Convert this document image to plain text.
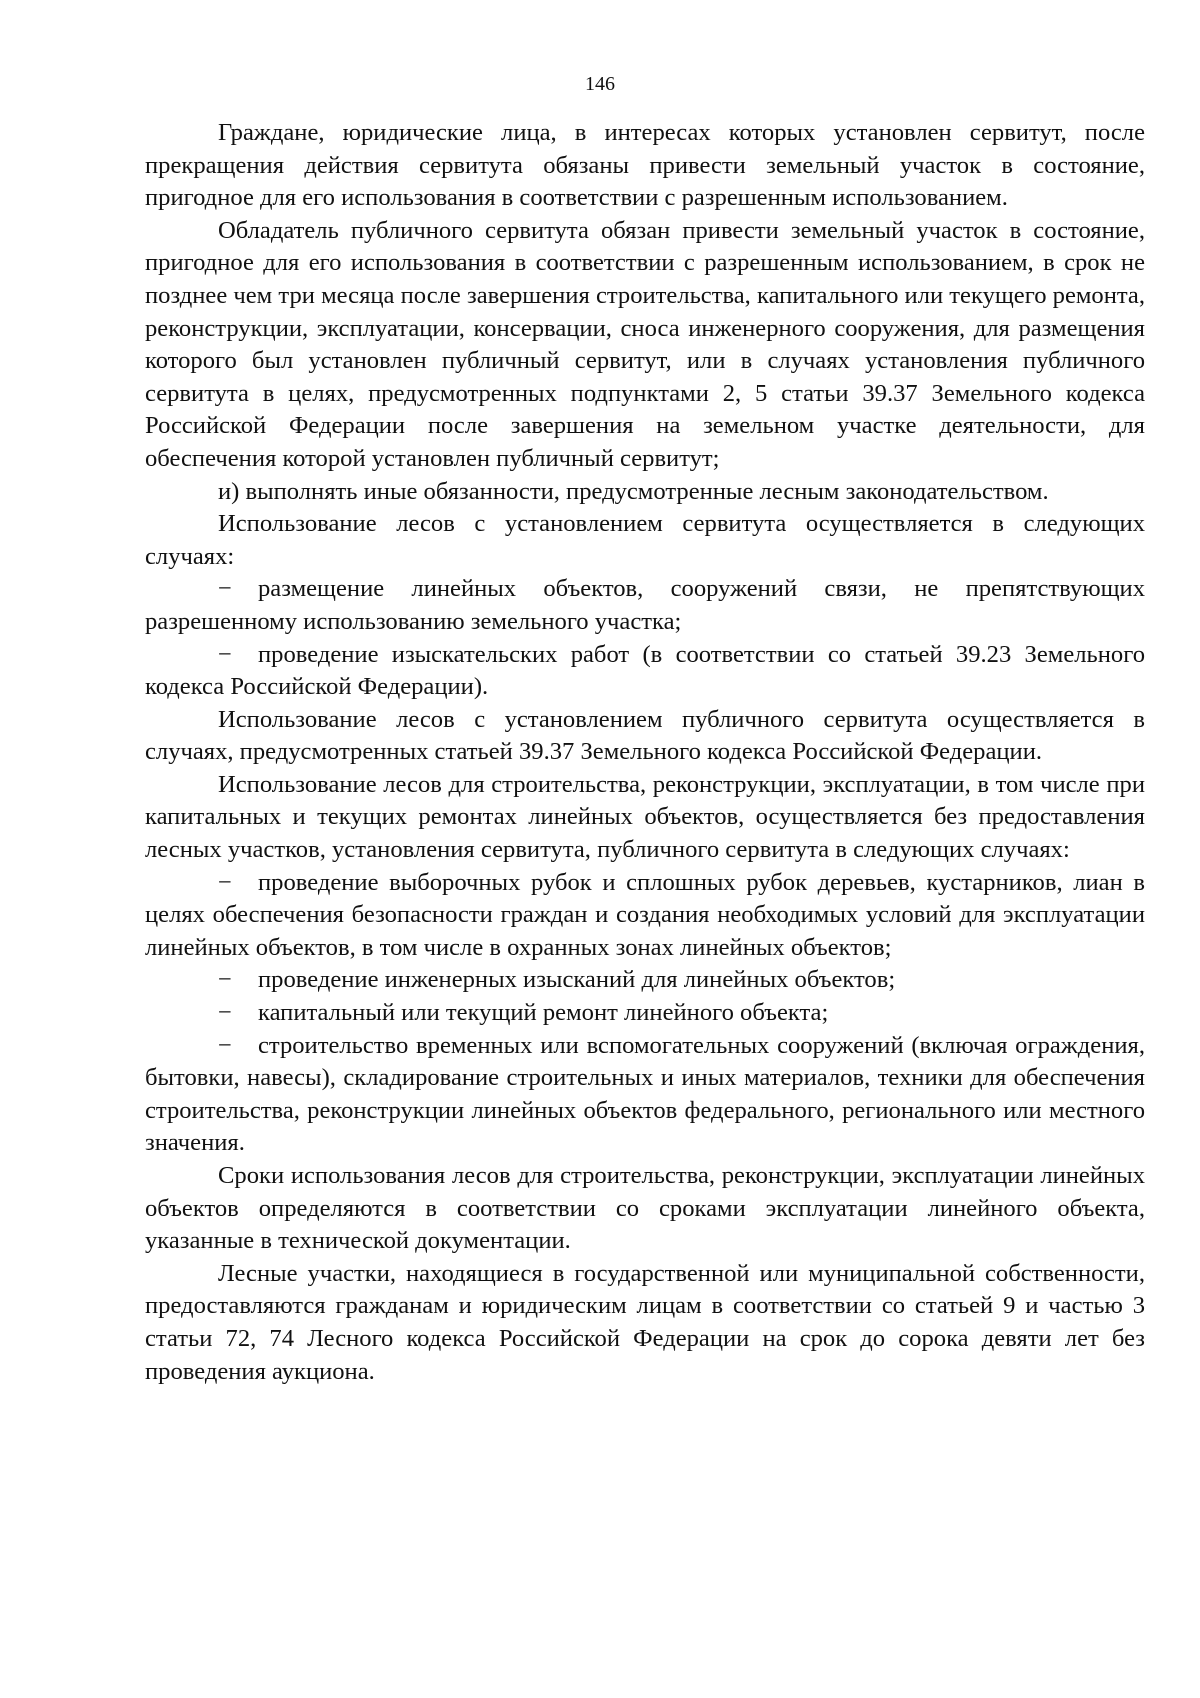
146

Граждане, юридические лица, в интересах которых установлен сервитут, после прекращения действия сервитута обязаны привести земельный участок в состояние, пригодное для его использования в соответствии с разрешенным использованием.

Обладатель публичного сервитута обязан привести земельный участок в состояние, пригодное для его использования в соответствии с разрешенным использованием, в срок не позднее чем три месяца после завершения строительства, капитального или текущего ремонта, реконструкции, эксплуатации, консервации, сноса инженерного сооружения, для размещения которого был установлен публичный сервитут, или в случаях установления публичного сервитута в целях, предусмотренных подпунктами 2, 5 статьи 39.37 Земельного кодекса Российской Федерации после завершения на земельном участке деятельности, для обеспечения которой установлен публичный сервитут;

и) выполнять иные обязанности, предусмотренные лесным законодательством.

Использование лесов с установлением сервитута осуществляется в следующих случаях:

− размещение линейных объектов, сооружений связи, не препятствующих разрешенному использованию земельного участка;

− проведение изыскательских работ (в соответствии со статьей 39.23 Земельного кодекса Российской Федерации).

Использование лесов с установлением публичного сервитута осуществляется в случаях, предусмотренных статьей 39.37 Земельного кодекса Российской Федерации.

Использование лесов для строительства, реконструкции, эксплуатации, в том числе при капитальных и текущих ремонтах линейных объектов, осуществляется без предоставления лесных участков, установления сервитута, публичного сервитута в следующих случаях:

− проведение выборочных рубок и сплошных рубок деревьев, кустарников, лиан в целях обеспечения безопасности граждан и создания необходимых условий для эксплуатации линейных объектов, в том числе в охранных зонах линейных объектов;

− проведение инженерных изысканий для линейных объектов;

− капитальный или текущий ремонт линейного объекта;

− строительство временных или вспомогательных сооружений (включая ограждения, бытовки, навесы), складирование строительных и иных материалов, техники для обеспечения строительства, реконструкции линейных объектов федерального, регионального или местного значения.

Сроки использования лесов для строительства, реконструкции, эксплуатации линейных объектов определяются в соответствии со сроками эксплуатации линейного объекта, указанные в технической документации.

Лесные участки, находящиеся в государственной или муниципальной собственности, предоставляются гражданам и юридическим лицам в соответствии со статьей 9 и частью 3 статьи 72, 74 Лесного кодекса Российской Федерации на срок до сорока девяти лет без проведения аукциона.
